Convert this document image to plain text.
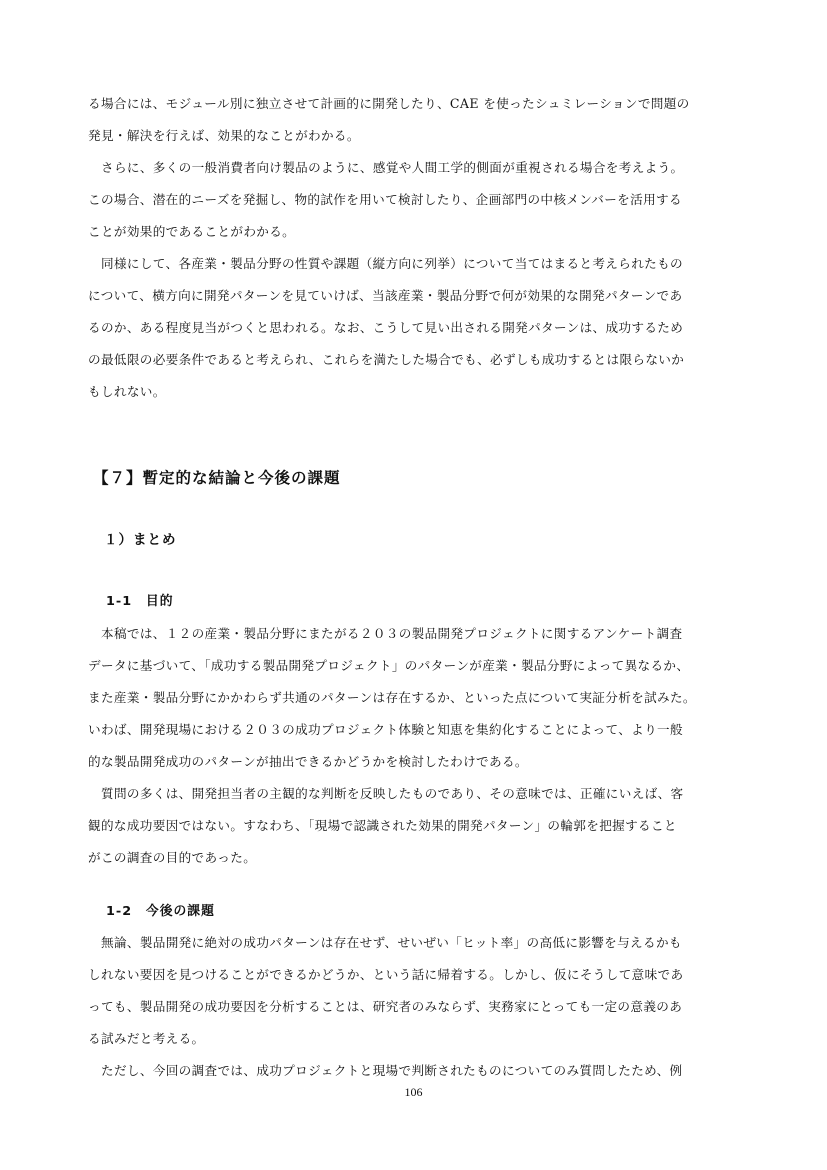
る場合には、モジュール別に独立させて計画的に開発したり、CAE を使ったシュミレーションで問題の
発見・解決を行えば、効果的なことがわかる。
さらに、多くの一般消費者向け製品のように、感覚や人間工学的側面が重視される場合を考えよう。
この場合、潜在的ニーズを発掘し、物的試作を用いて検討したり、企画部門の中核メンバーを活用する
ことが効果的であることがわかる。
同様にして、各産業・製品分野の性質や課題（縦方向に列挙）について当てはまると考えられたもの
について、横方向に開発パターンを見ていけば、当該産業・製品分野で何が効果的な開発パターンであ
るのか、ある程度見当がつくと思われる。なお、こうして見い出される開発パターンは、成功するため
の最低限の必要条件であると考えられ、これらを満たした場合でも、必ずしも成功するとは限らないか
もしれない。
【７】暫定的な結論と今後の課題
１）まとめ
1-1　目的
本稿では、１２の産業・製品分野にまたがる２０３の製品開発プロジェクトに関するアンケート調査
データに基づいて、「成功する製品開発プロジェクト」のパターンが産業・製品分野によって異なるか、
また産業・製品分野にかかわらず共通のパターンは存在するか、といった点について実証分析を試みた。
いわば、開発現場における２０３の成功プロジェクト体験と知恵を集約化することによって、より一般
的な製品開発成功のパターンが抽出できるかどうかを検討したわけである。
質問の多くは、開発担当者の主観的な判断を反映したものであり、その意味では、正確にいえば、客
観的な成功要因ではない。すなわち、「現場で認識された効果的開発パターン」の輪郭を把握すること
がこの調査の目的であった。
1-2　今後の課題
無論、製品開発に絶対の成功パターンは存在せず、せいぜい「ヒット率」の高低に影響を与えるかも
しれない要因を見つけることができるかどうか、という話に帰着する。しかし、仮にそうして意味であ
っても、製品開発の成功要因を分析することは、研究者のみならず、実務家にとっても一定の意義のあ
る試みだと考える。
ただし、今回の調査では、成功プロジェクトと現場で判断されたものについてのみ質問したため、例
106
